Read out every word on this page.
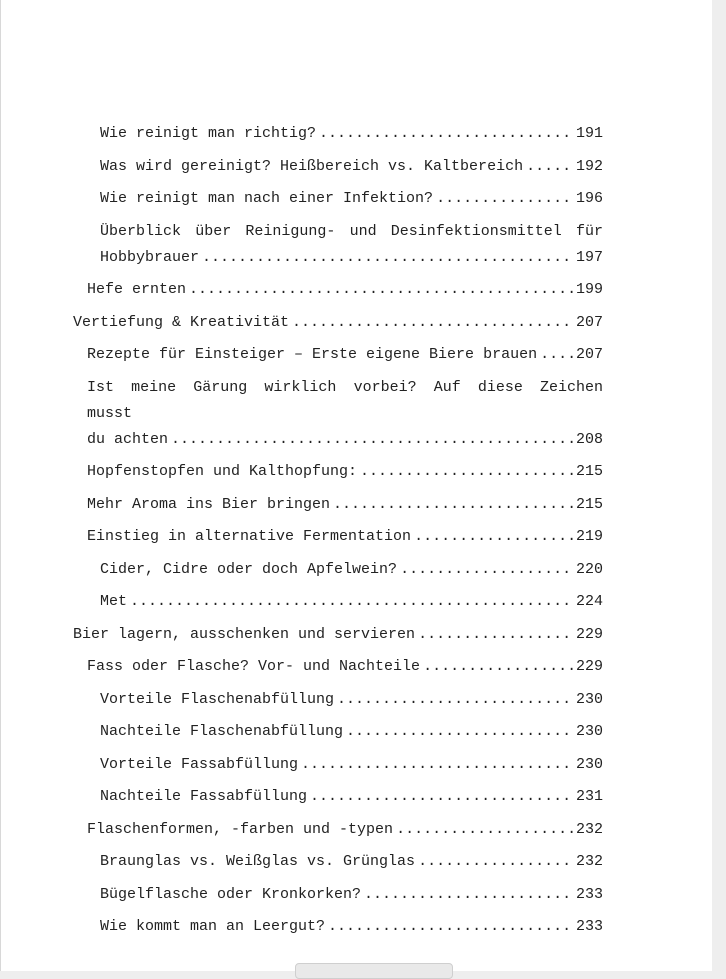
Wie reinigt man richtig? .....	191
Was wird gereinigt? Heißbereich vs. Kaltbereich .....	192
Wie reinigt man nach einer Infektion? .....	196
Überblick über Reinigung- und Desinfektionsmittel für
Hobbybrauer .....	197
Hefe ernten .....	199
Vertiefung & Kreativität .....	207
Rezepte für Einsteiger – Erste eigene Biere brauen .....	207
Ist meine Gärung wirklich vorbei? Auf diese Zeichen musst
du achten .....	208
Hopfenstopfen und Kalthopfung: .....	215
Mehr Aroma ins Bier bringen .....	215
Einstieg in alternative Fermentation .....	219
Cider, Cidre oder doch Apfelwein? .....	220
Met .....	224
Bier lagern, ausschenken und servieren .....	229
Fass oder Flasche? Vor- und Nachteile .....	229
Vorteile Flaschenabfüllung .....	230
Nachteile Flaschenabfüllung .....	230
Vorteile Fassabfüllung .....	230
Nachteile Fassabfüllung .....	231
Flaschenformen, -farben und -typen .....	232
Braunglas vs. Weißglas vs. Grünglas .....	232
Bügelflasche oder Kronkorken? .....	233
Wie kommt man an Leergut? .....	233
